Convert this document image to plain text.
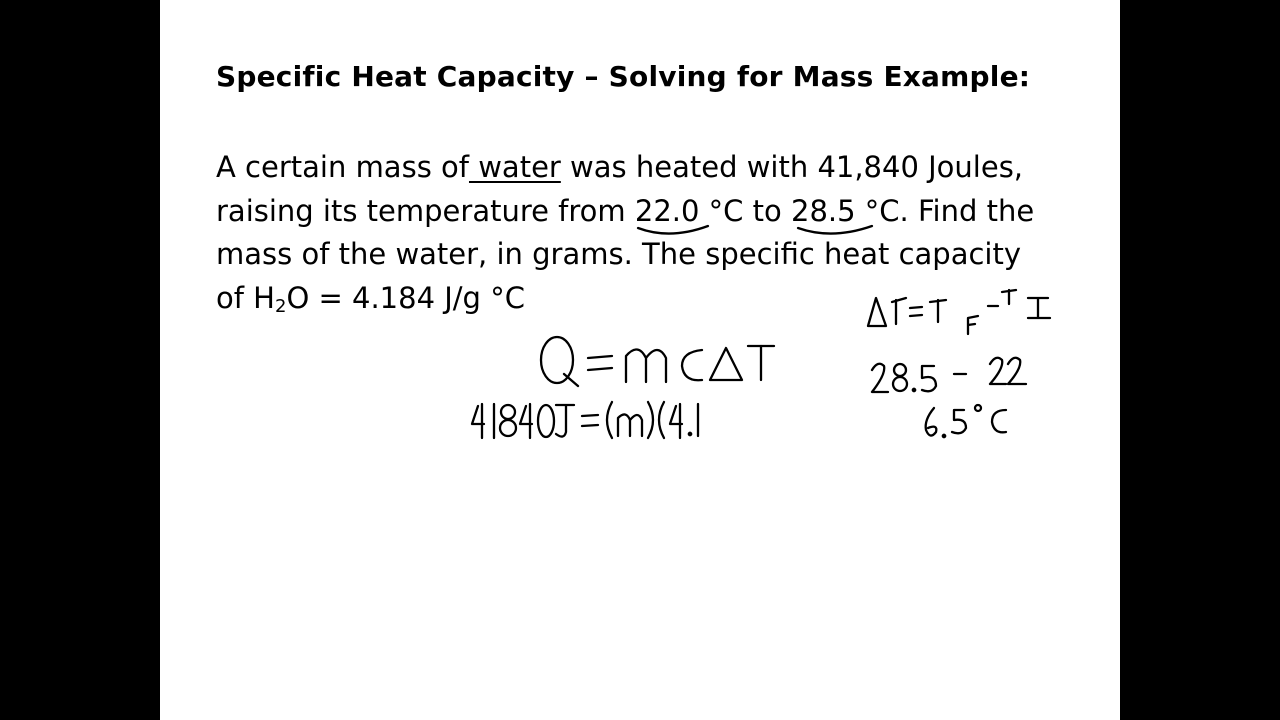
Specific Heat Capacity – Solving for Mass Example:
A certain mass of water was heated with 41,840 Joules,
raising its temperature from 22.0 °C to 28.5 °C. Find the
mass of the water, in grams. The specific heat capacity
of H2O = 4.184 J/g °C
